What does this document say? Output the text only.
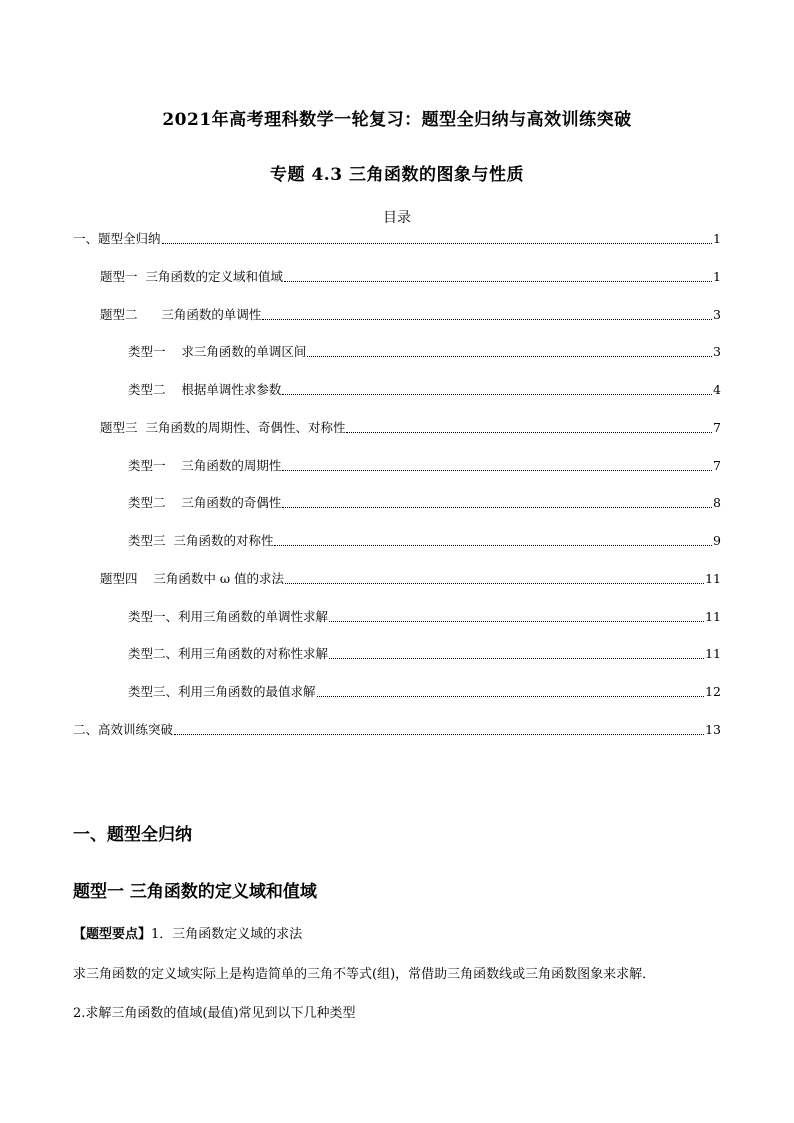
2021年高考理科数学一轮复习：题型全归纳与高效训练突破
专题 4.3 三角函数的图象与性质
目录
一、题型全归纳	1
题型一  三角函数的定义域和值域	1
题型二      三角函数的单调性	3
类型一    求三角函数的单调区间	3
类型二    根据单调性求参数	4
题型三  三角函数的周期性、奇偶性、对称性	7
类型一    三角函数的周期性	7
类型二    三角函数的奇偶性	8
类型三  三角函数的对称性	9
题型四    三角函数中 ω 值的求法	11
类型一、利用三角函数的单调性求解	11
类型二、利用三角函数的对称性求解	11
类型三、利用三角函数的最值求解	12
二、高效训练突破	13
一、题型全归纳
题型一 三角函数的定义域和值域
【题型要点】1．三角函数定义域的求法
求三角函数的定义域实际上是构造简单的三角不等式(组)，常借助三角函数线或三角函数图象来求解．
2.求解三角函数的值域(最值)常见到以下几种类型
